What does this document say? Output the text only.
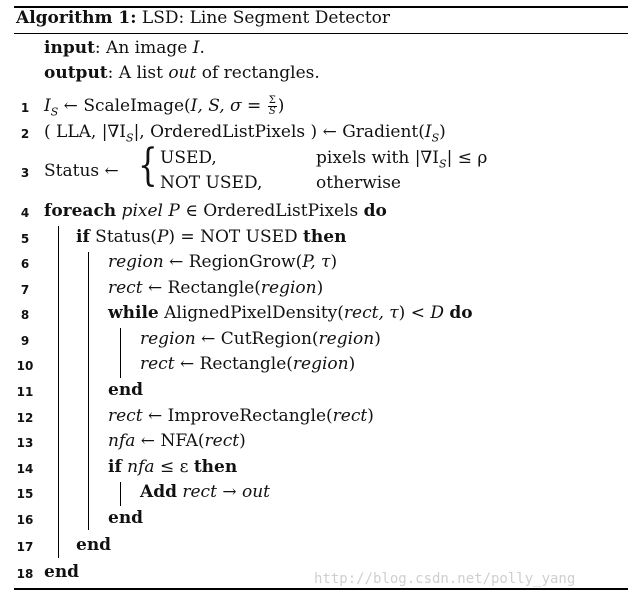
Algorithm 1: LSD: Line Segment Detector
input: An image I.
output: A list out of rectangles.
1
2
3
4
5
6
7
8
9
10
11
12
13
14
15
16
17
18
$I_S$ ← ScaleImage(I, S, $\sigma = \frac{\Sigma}{S}$ )
( LLA, $|\nabla I_S|$, OrderedListPixels ) ← $Gradient(I_S)$
Status ← { USED,
NOT USED,
pixels with $|\nabla I_S| \le \rho$
otherwise
foreach pixel P ∈ OrderedListPixels do
if Status(P) = NOT USED then
region ← RegionGrow(P, τ)
rect ← Rectangle(region)
while AlignedPixelDensity(rect, τ) < D do
region ← CutRegion(region)
rect ← Rectangle(region)
end
rect ← ImproveRectangle(rect)
nfa ← NFA(rect)
if nfa ≤ ε then
Add rect → out
end
end
end	http://blog.csdn.net/polly_yang
